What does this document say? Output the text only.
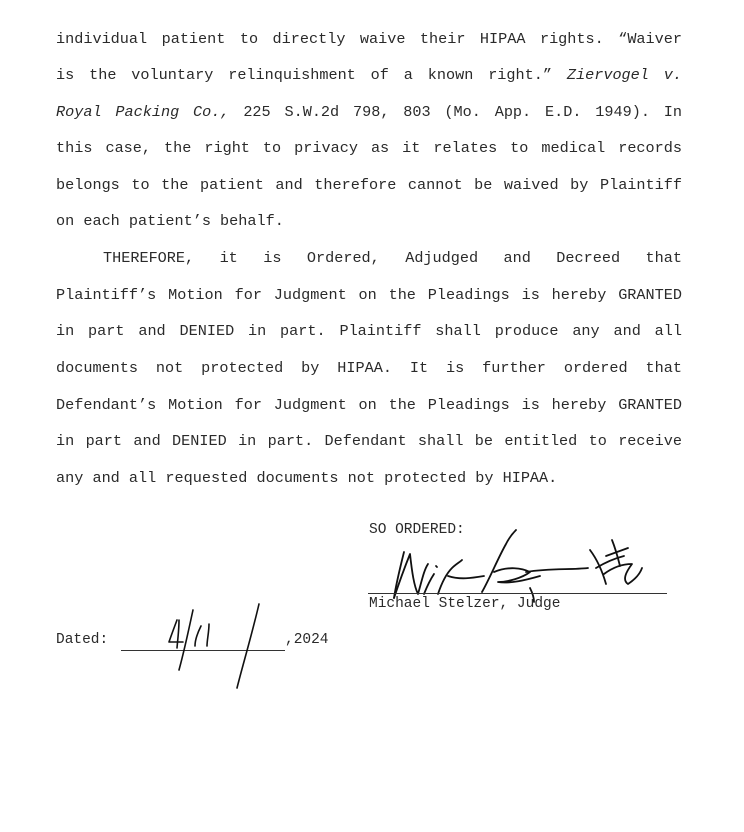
individual patient to directly waive their HIPAA rights. “Waiver
is the voluntary relinquishment of a known right.” Ziervogel v.
Royal Packing Co., 225 S.W.2d 798, 803 (Mo. App. E.D. 1949). In
this case, the right to privacy as it relates to medical records
belongs to the patient and therefore cannot be waived by Plaintiff
on each patient’s behalf.
THEREFORE, it is Ordered, Adjudged and Decreed that
Plaintiff’s Motion for Judgment on the Pleadings is hereby GRANTED
in part and DENIED in part. Plaintiff shall produce any and all
documents not protected by HIPAA. It is further ordered that
Defendant’s Motion for Judgment on the Pleadings is hereby GRANTED
in part and DENIED in part. Defendant shall be entitled to receive
any and all requested documents not protected by HIPAA.
SO ORDERED:
Michael Stelzer, Judge
Dated:	,2024
